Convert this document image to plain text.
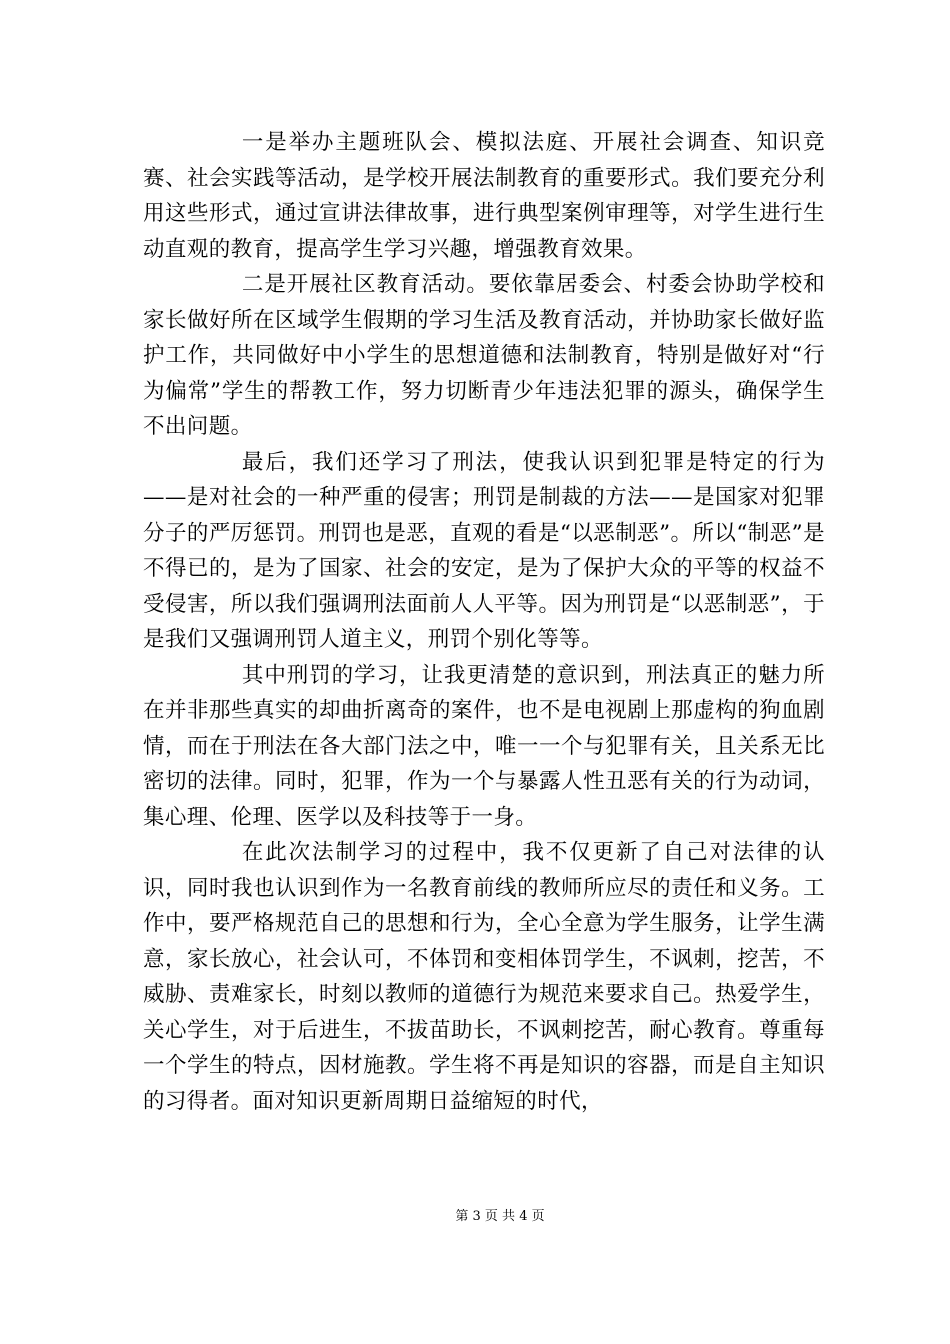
一是举办主题班队会、模拟法庭、开展社会调查、知识竞赛、社会实践等活动，是学校开展法制教育的重要形式。我们要充分利用这些形式，通过宣讲法律故事，进行典型案例审理等，对学生进行生动直观的教育，提高学生学习兴趣，增强教育效果。

二是开展社区教育活动。要依靠居委会、村委会协助学校和家长做好所在区域学生假期的学习生活及教育活动，并协助家长做好监护工作，共同做好中小学生的思想道德和法制教育，特别是做好对“行为偏常”学生的帮教工作，努力切断青少年违法犯罪的源头，确保学生不出问题。

最后，我们还学习了刑法，使我认识到犯罪是特定的行为——是对社会的一种严重的侵害；刑罚是制裁的方法——是国家对犯罪分子的严厉惩罚。刑罚也是恶，直观的看是“以恶制恶”。所以“制恶”是不得已的，是为了国家、社会的安定，是为了保护大众的平等的权益不受侵害，所以我们强调刑法面前人人平等。因为刑罚是“以恶制恶”，于是我们又强调刑罚人道主义，刑罚个别化等等。

其中刑罚的学习，让我更清楚的意识到，刑法真正的魅力所在并非那些真实的却曲折离奇的案件，也不是电视剧上那虚构的狗血剧情，而在于刑法在各大部门法之中，唯一一个与犯罪有关，且关系无比密切的法律。同时，犯罪，作为一个与暴露人性丑恶有关的行为动词，集心理、伦理、医学以及科技等于一身。

在此次法制学习的过程中，我不仅更新了自己对法律的认识，同时我也认识到作为一名教育前线的教师所应尽的责任和义务。工作中，要严格规范自己的思想和行为，全心全意为学生服务，让学生满意，家长放心，社会认可，不体罚和变相体罚学生，不讽刺，挖苦，不威胁、责难家长，时刻以教师的道德行为规范来要求自己。热爱学生，关心学生，对于后进生，不拔苗助长，不讽刺挖苦，耐心教育。尊重每一个学生的特点，因材施教。学生将不再是知识的容器，而是自主知识的习得者。面对知识更新周期日益缩短的时代，

第 3 页 共 4 页
